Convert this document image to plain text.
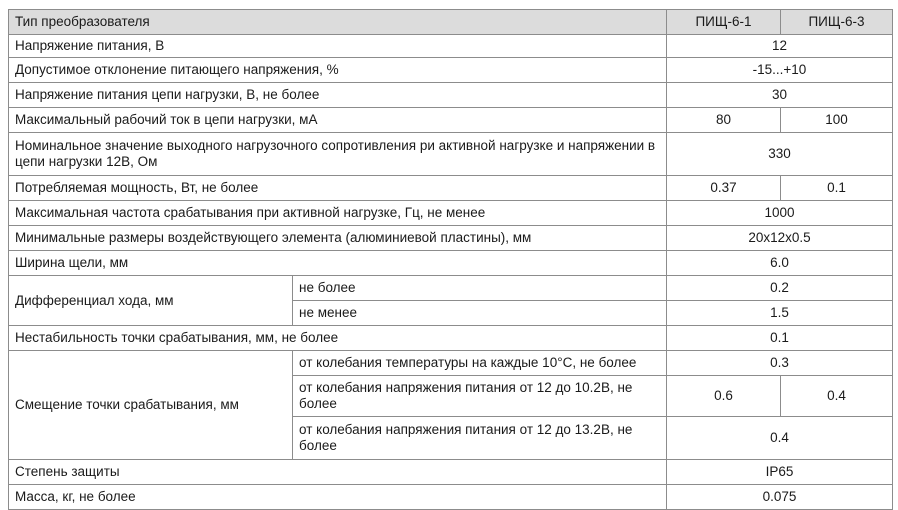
Тип преобразователя		ПИЩ-6-1	ПИЩ-6-3
Напряжение питания, В		12	
Допустимое отклонение питающего напряжения, %		-15...+10	
Напряжение питания цепи нагрузки, В, не более		30	
Максимальный рабочий ток в цепи нагрузки, мА		80	100
Номинальное значение выходного нагрузочного сопротивления ри активной нагрузке и напряжении в цепи нагрузки 12В, Ом		330	
Потребляемая мощность, Вт, не более		0.37	0.1
Максимальная частота срабатывания при активной нагрузке, Гц, не менее		1000	
Минимальные размеры воздействующего элемента (алюминиевой пластины), мм		20x12x0.5	
Ширина щели, мм		6.0	
Дифференциал хода, мм	не более	0.2	
	не менее	1.5	
Нестабильность точки срабатывания, мм, не более		0.1	
Смещение точки срабатывания, мм	от колебания температуры на каждые 10°С, не более	0.3	
	от колебания напряжения питания от 12 до 10.2В, не более	0.6	0.4
	от колебания напряжения питания от 12 до 13.2В, не более	0.4	
Степень защиты		IP65	
Масса, кг, не более		0.075	
